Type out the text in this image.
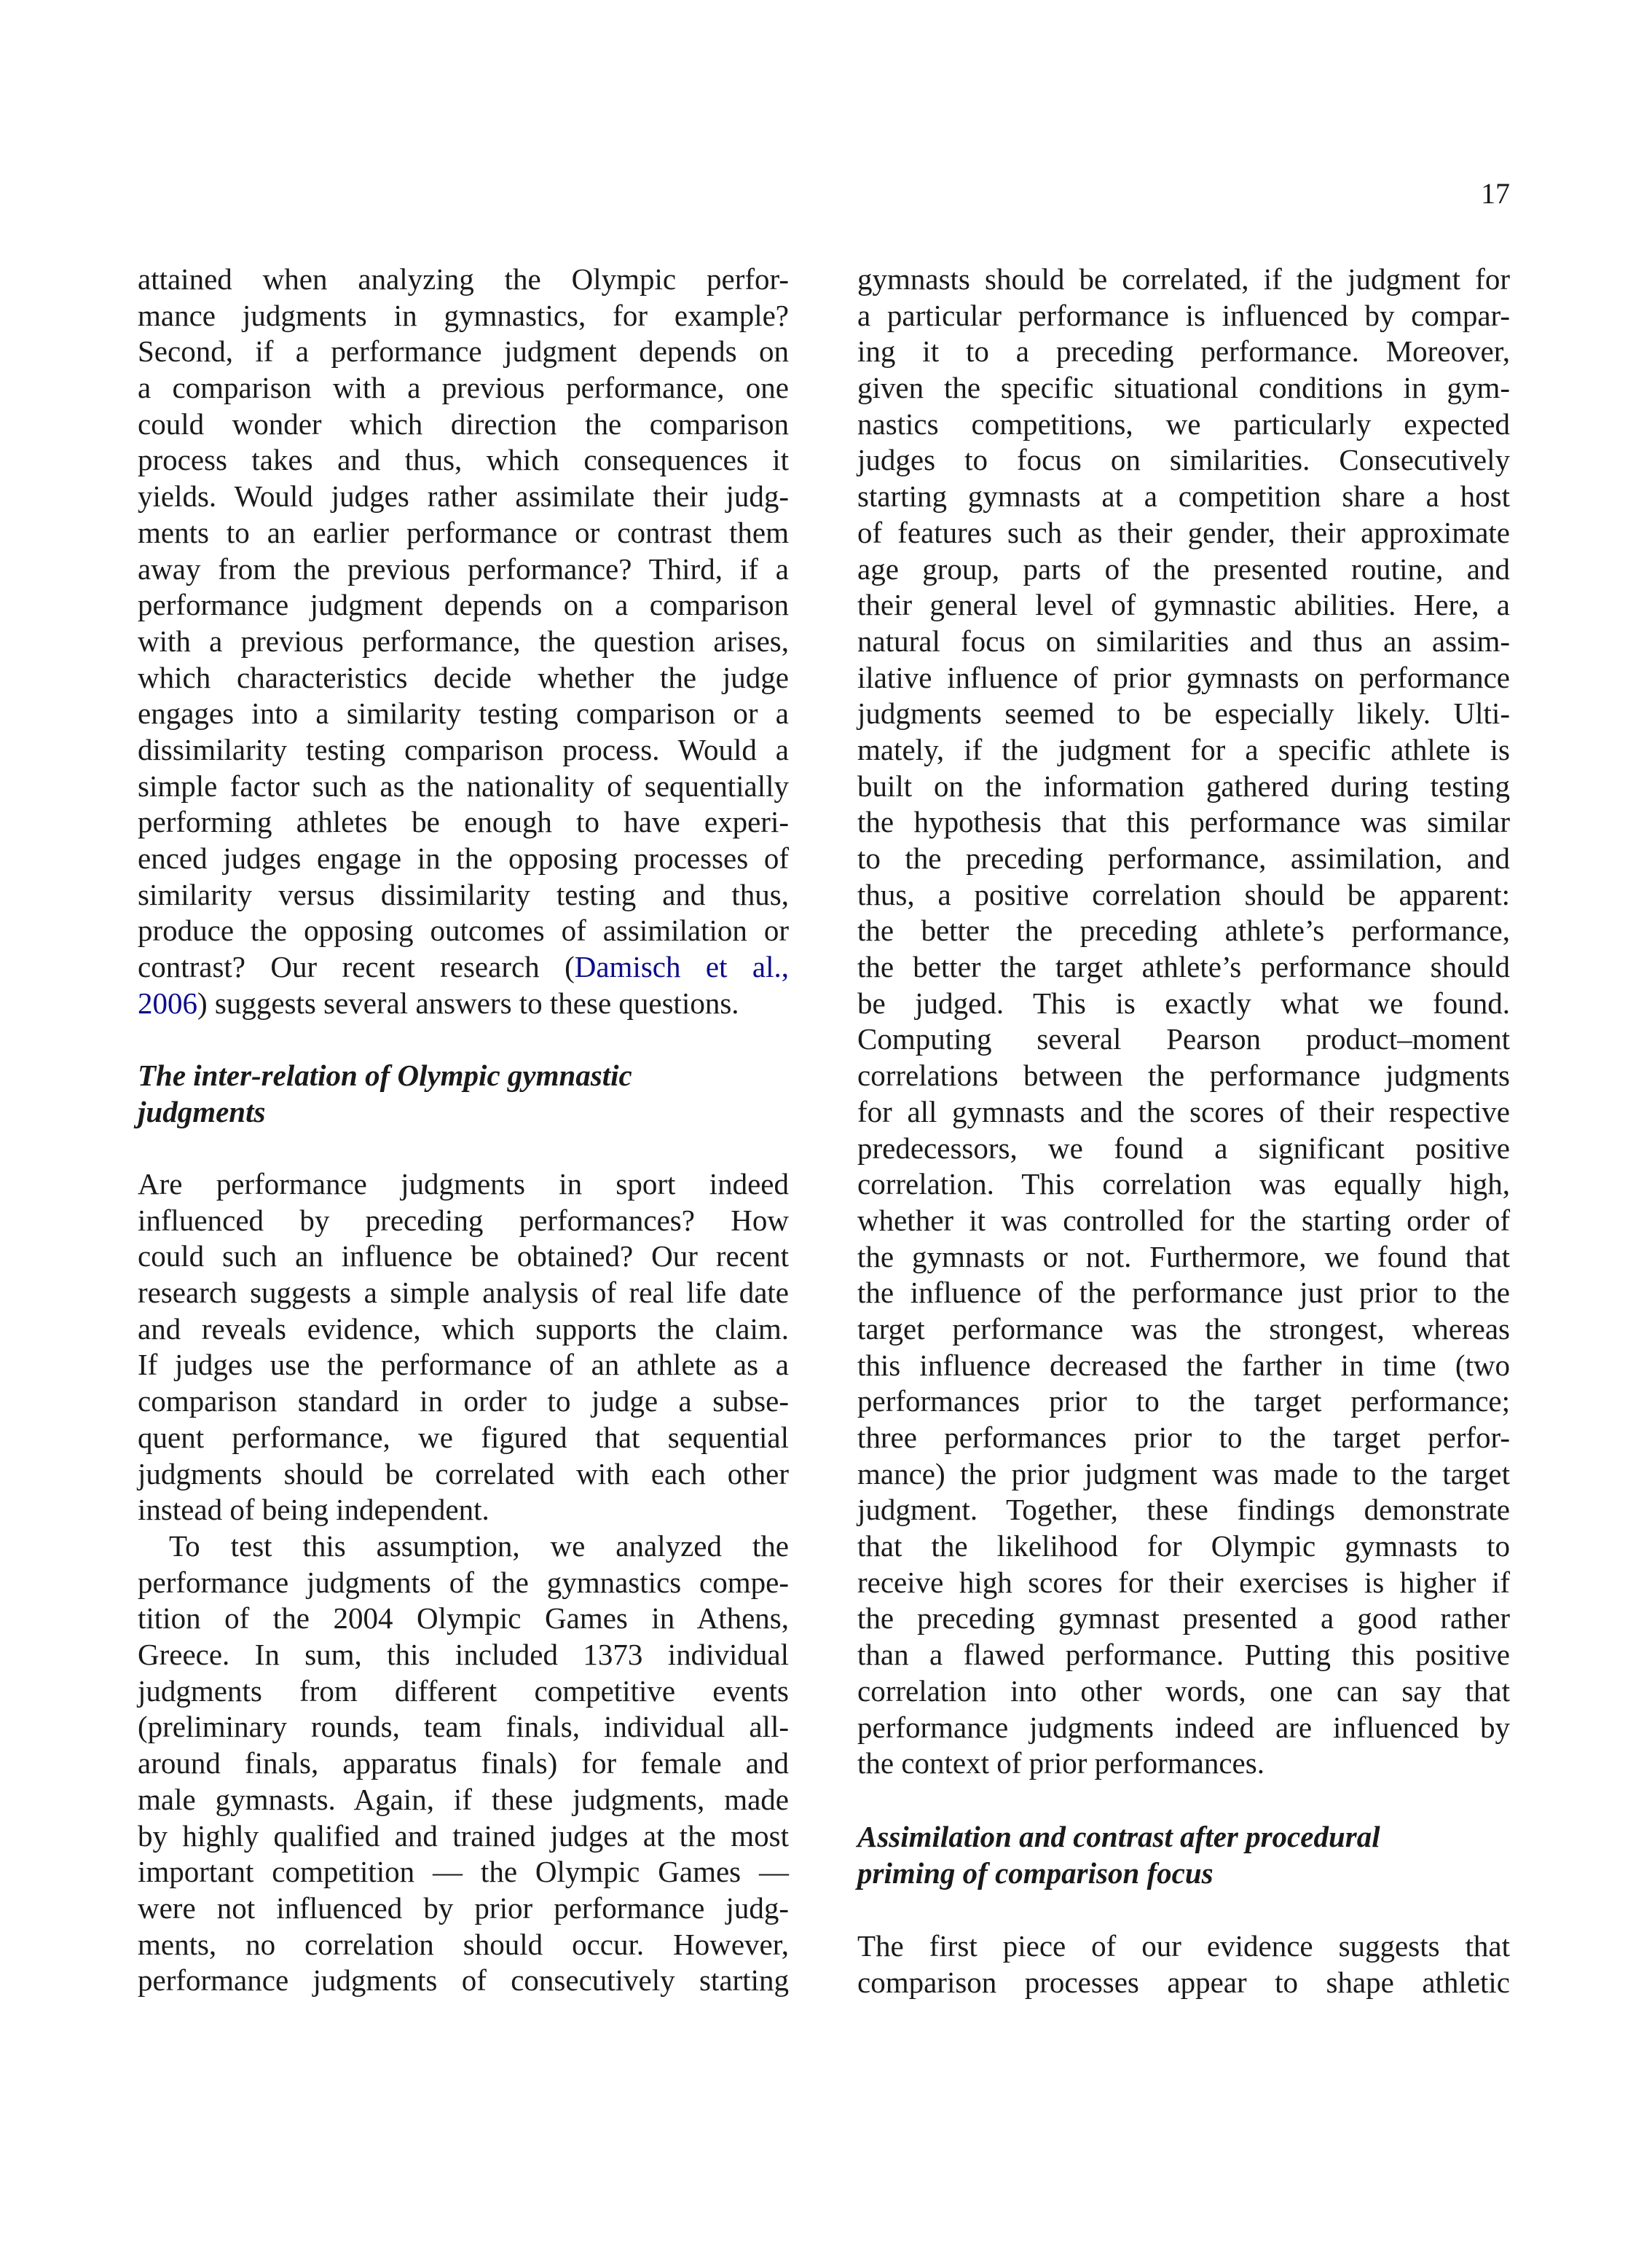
17
attained when analyzing the Olympic perfor-
mance judgments in gymnastics, for example?
Second, if a performance judgment depends on
a comparison with a previous performance, one
could wonder which direction the comparison
process takes and thus, which consequences it
yields. Would judges rather assimilate their judg-
ments to an earlier performance or contrast them
away from the previous performance? Third, if a
performance judgment depends on a comparison
with a previous performance, the question arises,
which characteristics decide whether the judge
engages into a similarity testing comparison or a
dissimilarity testing comparison process. Would a
simple factor such as the nationality of sequentially
performing athletes be enough to have experi-
enced judges engage in the opposing processes of
similarity versus dissimilarity testing and thus,
produce the opposing outcomes of assimilation or
contrast? Our recent research (Damisch et al.,
2006) suggests several answers to these questions.
The inter-relation of Olympic gymnastic
judgments
Are performance judgments in sport indeed
influenced by preceding performances? How
could such an influence be obtained? Our recent
research suggests a simple analysis of real life date
and reveals evidence, which supports the claim.
If judges use the performance of an athlete as a
comparison standard in order to judge a subse-
quent performance, we figured that sequential
judgments should be correlated with each other
instead of being independent.
To test this assumption, we analyzed the
performance judgments of the gymnastics compe-
tition of the 2004 Olympic Games in Athens,
Greece. In sum, this included 1373 individual
judgments from different competitive events
(preliminary rounds, team finals, individual all-
around finals, apparatus finals) for female and
male gymnasts. Again, if these judgments, made
by highly qualified and trained judges at the most
important competition — the Olympic Games —
were not influenced by prior performance judg-
ments, no correlation should occur. However,
performance judgments of consecutively starting
gymnasts should be correlated, if the judgment for
a particular performance is influenced by compar-
ing it to a preceding performance. Moreover,
given the specific situational conditions in gym-
nastics competitions, we particularly expected
judges to focus on similarities. Consecutively
starting gymnasts at a competition share a host
of features such as their gender, their approximate
age group, parts of the presented routine, and
their general level of gymnastic abilities. Here, a
natural focus on similarities and thus an assim-
ilative influence of prior gymnasts on performance
judgments seemed to be especially likely. Ulti-
mately, if the judgment for a specific athlete is
built on the information gathered during testing
the hypothesis that this performance was similar
to the preceding performance, assimilation, and
thus, a positive correlation should be apparent:
the better the preceding athlete’s performance,
the better the target athlete’s performance should
be judged. This is exactly what we found.
Computing several Pearson product–moment
correlations between the performance judgments
for all gymnasts and the scores of their respective
predecessors, we found a significant positive
correlation. This correlation was equally high,
whether it was controlled for the starting order of
the gymnasts or not. Furthermore, we found that
the influence of the performance just prior to the
target performance was the strongest, whereas
this influence decreased the farther in time (two
performances prior to the target performance;
three performances prior to the target perfor-
mance) the prior judgment was made to the target
judgment. Together, these findings demonstrate
that the likelihood for Olympic gymnasts to
receive high scores for their exercises is higher if
the preceding gymnast presented a good rather
than a flawed performance. Putting this positive
correlation into other words, one can say that
performance judgments indeed are influenced by
the context of prior performances.
Assimilation and contrast after procedural
priming of comparison focus
The first piece of our evidence suggests that
comparison processes appear to shape athletic
